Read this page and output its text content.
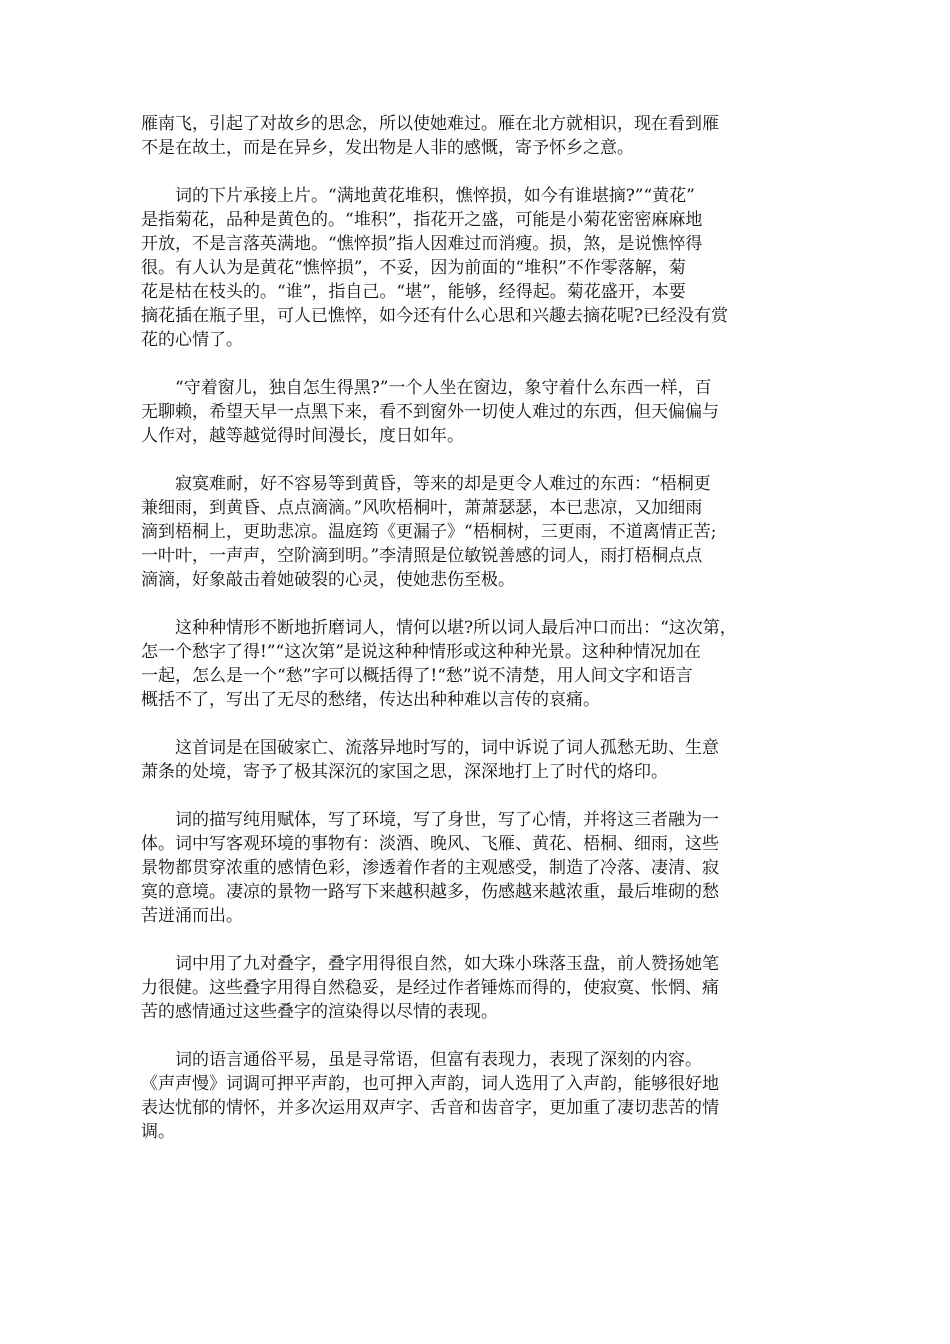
雁南飞，引起了对故乡的思念，所以使她难过。雁在北方就相识，现在看到雁
不是在故土，而是在异乡，发出物是人非的感慨，寄予怀乡之意。
　　词的下片承接上片。“满地黄花堆积，憔悴损，如今有谁堪摘?”“黄花”
是指菊花，品种是黄色的。“堆积”，指花开之盛，可能是小菊花密密麻麻地
开放，不是言落英满地。“憔悴损”指人因难过而消瘦。损，煞，是说憔悴得
很。有人认为是黄花“憔悴损”，不妥，因为前面的“堆积”不作零落解，菊
花是枯在枝头的。“谁”，指自己。“堪”，能够，经得起。菊花盛开，本要
摘花插在瓶子里，可人已憔悴，如今还有什么心思和兴趣去摘花呢?已经没有赏
花的心情了。
　　“守着窗儿，独自怎生得黑?”一个人坐在窗边，象守着什么东西一样，百
无聊赖，希望天早一点黑下来，看不到窗外一切使人难过的东西，但天偏偏与
人作对，越等越觉得时间漫长，度日如年。
　　寂寞难耐，好不容易等到黄昏，等来的却是更令人难过的东西：“梧桐更
兼细雨，到黄昏、点点滴滴。”风吹梧桐叶，萧萧瑟瑟，本已悲凉，又加细雨
滴到梧桐上，更助悲凉。温庭筠《更漏子》“梧桐树，三更雨，不道离情正苦;
一叶叶，一声声，空阶滴到明。”李清照是位敏锐善感的词人，雨打梧桐点点
滴滴，好象敲击着她破裂的心灵，使她悲伤至极。
　　这种种情形不断地折磨词人，情何以堪?所以词人最后冲口而出：“这次第，
怎一个愁字了得!”“这次第”是说这种种情形或这种种光景。这种种情况加在
一起，怎么是一个“愁”字可以概括得了!“愁”说不清楚，用人间文字和语言
概括不了，写出了无尽的愁绪，传达出种种难以言传的哀痛。
　　这首词是在国破家亡、流落异地时写的，词中诉说了词人孤愁无助、生意
萧条的处境，寄予了极其深沉的家国之思，深深地打上了时代的烙印。
　　词的描写纯用赋体，写了环境，写了身世，写了心情，并将这三者融为一
体。词中写客观环境的事物有：淡酒、晚风、飞雁、黄花、梧桐、细雨，这些
景物都贯穿浓重的感情色彩，渗透着作者的主观感受，制造了冷落、凄清、寂
寞的意境。凄凉的景物一路写下来越积越多，伤感越来越浓重，最后堆砌的愁
苦迸涌而出。
　　词中用了九对叠字，叠字用得很自然，如大珠小珠落玉盘，前人赞扬她笔
力很健。这些叠字用得自然稳妥，是经过作者锤炼而得的，使寂寞、怅惘、痛
苦的感情通过这些叠字的渲染得以尽情的表现。
　　词的语言通俗平易，虽是寻常语，但富有表现力，表现了深刻的内容。
《声声慢》词调可押平声韵，也可押入声韵，词人选用了入声韵，能够很好地
表达忧郁的情怀，并多次运用双声字、舌音和齿音字，更加重了凄切悲苦的情
调。
